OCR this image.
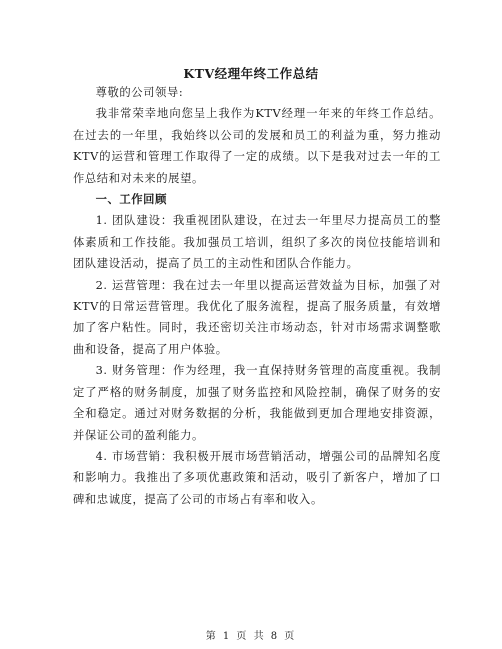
KTV经理年终工作总结

尊敬的公司领导:

我非常荣幸地向您呈上我作为KTV经理一年来的年终工作总结。在过去的一年里，我始终以公司的发展和员工的利益为重，努力推动KTV的运营和管理工作取得了一定的成绩。以下是我对过去一年的工作总结和对未来的展望。

一、工作回顾

1. 团队建设：我重视团队建设，在过去一年里尽力提高员工的整体素质和工作技能。我加强员工培训，组织了多次的岗位技能培训和团队建设活动，提高了员工的主动性和团队合作能力。

2. 运营管理：我在过去一年里以提高运营效益为目标，加强了对KTV的日常运营管理。我优化了服务流程，提高了服务质量，有效增加了客户粘性。同时，我还密切关注市场动态，针对市场需求调整歌曲和设备，提高了用户体验。

3. 财务管理：作为经理，我一直保持财务管理的高度重视。我制定了严格的财务制度，加强了财务监控和风险控制，确保了财务的安全和稳定。通过对财务数据的分析，我能做到更加合理地安排资源，并保证公司的盈利能力。

4. 市场营销：我积极开展市场营销活动，增强公司的品牌知名度和影响力。我推出了多项优惠政策和活动，吸引了新客户，增加了口碑和忠诚度，提高了公司的市场占有率和收入。

第 1 页 共 8 页
